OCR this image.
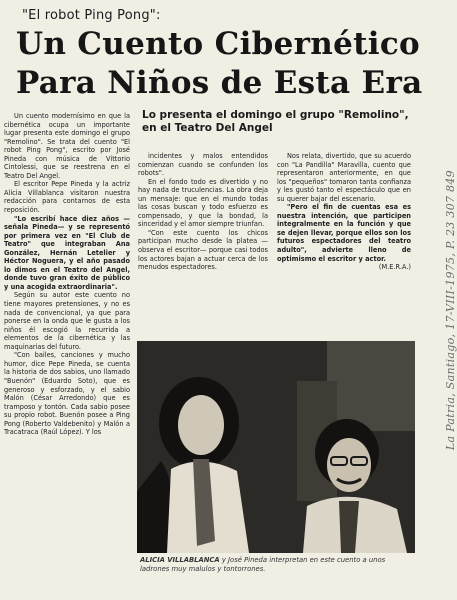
"El robot Ping Pong":
Un Cuento Cibernético
Para Niños de Esta Era
Lo presenta el domingo el grupo "Remolino", en el Teatro Del Angel

Un cuento modernísimo en que la cibernética ocupa un importante lugar presenta este domingo el grupo "Remolino". Se trata del cuento "El robot Ping Pong", escrito por José Pineda con música de Vittorio Cintolessi, que se reestrena en el Teatro Del Angel.

El escritor Pepe Pineda y la actriz Alicia Villablanca visitaron nuestra redacción para contarnos de esta reposición.

"Lo escribí hace diez años —señala Pineda— y se representó por primera vez en "El Club de Teatro" que integraban Ana González, Hernán Letelier y Héctor Noguera, y el año pasado lo dimos en el Teatro del Angel, donde tuvo gran éxito de público y una acogida extraordinaria".

Según su autor este cuento no tiene mayores pretensiones, y no es nada de convencional, ya que para ponerse en la onda que le gusta a los niños él escogió la recurrida a elementos de la cibernética y las maquinarias del futuro.

"Con bailes, canciones y mucho humor, dice Pepe Pineda, se cuenta la historia de dos sabios, uno llamado "Buenón" (Eduardo Soto), que es generoso y esforzado, y el sabio Malón (César Arredondo) que es tramposo y tontón. Cada sabio posee su propio robot. Buenón posee a Ping Pong (Roberto Valdebenito) y Malón a Tracatraca (Raúl López). Y los

incidentes y malos entendidos comienzan cuando se confunden los robots".

En el fondo todo es divertido y no hay nada de truculencias. La obra deja un mensaje: que en el mundo todas las cosas buscan y todo esfuerzo es compensado, y que la bondad, la sinceridad y el amor siempre triunfan.

"Con este cuento los chicos participan mucho desde la platea —observa el escritor— porque casi todos los actores bajan a actuar cerca de los menudos espectadores.

Nos relata, divertido, que su acuerdo con "La Pandilla" Maravilla, cuento que representaron anteriormente, en que los "pequeños" tomaron tanta confianza y les gustó tanto el espectáculo que en su querer bajar del escenario.

"Pero el fin de cuentas esa es nuestra intención, que participen integralmente en la función y que se dejen llevar, porque ellos son los futuros espectadores del teatro adulto", advierte lleno de optimismo el escritor y actor.

(M.E.R.A.)

ALICIA VILLABLANCA y José Pineda interpretan en este cuento a unos ladrones muy malulos y tontorrones.
La Patria, Santiago, 17-VIII-1975, P. 23 307 849
